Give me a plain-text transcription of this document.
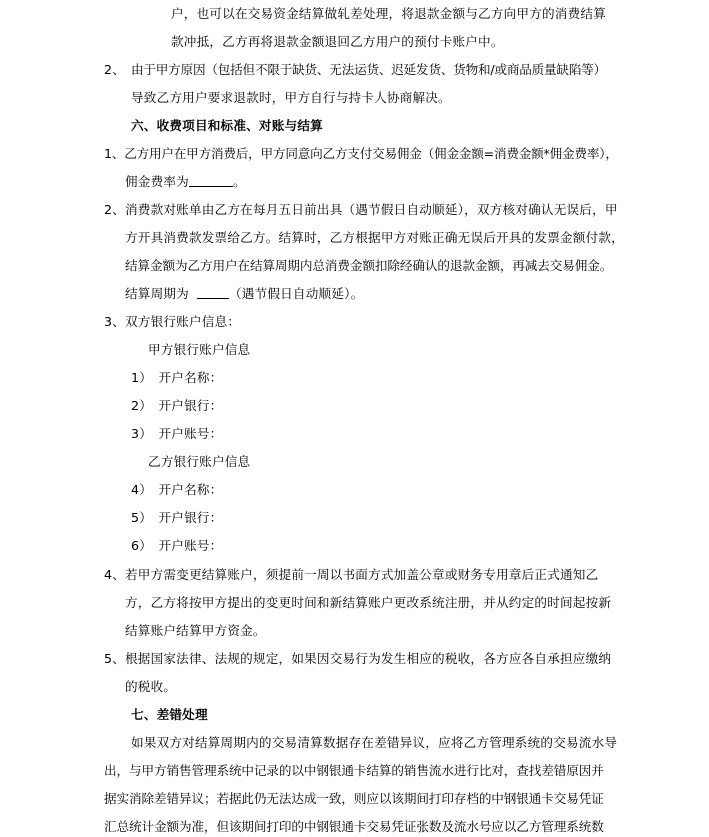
户，也可以在交易资金结算做轧差处理，将退款金额与乙方向甲方的消费结算
款冲抵，乙方再将退款金额退回乙方用户的预付卡账户中。
2、 由于甲方原因（包括但不限于缺货、无法运货、迟延发货、货物和/或商品质量缺陷等）
导致乙方用户要求退款时，甲方自行与持卡人协商解决。
六、收费项目和标准、对账与结算
1、乙方用户在甲方消费后，甲方同意向乙方支付交易佣金（佣金金额=消费金额*佣金费率），
佣金费率为	。
2、消费款对账单由乙方在每月五日前出具（遇节假日自动顺延），双方核对确认无误后，甲
方开具消费款发票给乙方。结算时，乙方根据甲方对账正确无误后开具的发票金额付款，
结算金额为乙方用户在结算周期内总消费金额扣除经确认的退款金额，再减去交易佣金。
结算周期为	（遇节假日自动顺延）。
3、双方银行账户信息：
甲方银行账户信息
1）　开户名称：
2）　开户银行：
3）　开户账号：
乙方银行账户信息
4）　开户名称：
5）　开户银行：
6）　开户账号：
4、若甲方需变更结算账户，须提前一周以书面方式加盖公章或财务专用章后正式通知乙
方，乙方将按甲方提出的变更时间和新结算账户更改系统注册，并从约定的时间起按新
结算账户结算甲方资金。
5、根据国家法律、法规的规定，如果因交易行为发生相应的税收，各方应各自承担应缴纳
的税收。
七、差错处理
如果双方对结算周期内的交易清算数据存在差错异议，应将乙方管理系统的交易流水导
出，与甲方销售管理系统中记录的以中钢银通卡结算的销售流水进行比对，查找差错原因并
据实消除差错异议；若据此仍无法达成一致，则应以该期间打印存档的中钢银通卡交易凭证
汇总统计金额为准，但该期间打印的中钢银通卡交易凭证张数及流水号应以乙方管理系统数
